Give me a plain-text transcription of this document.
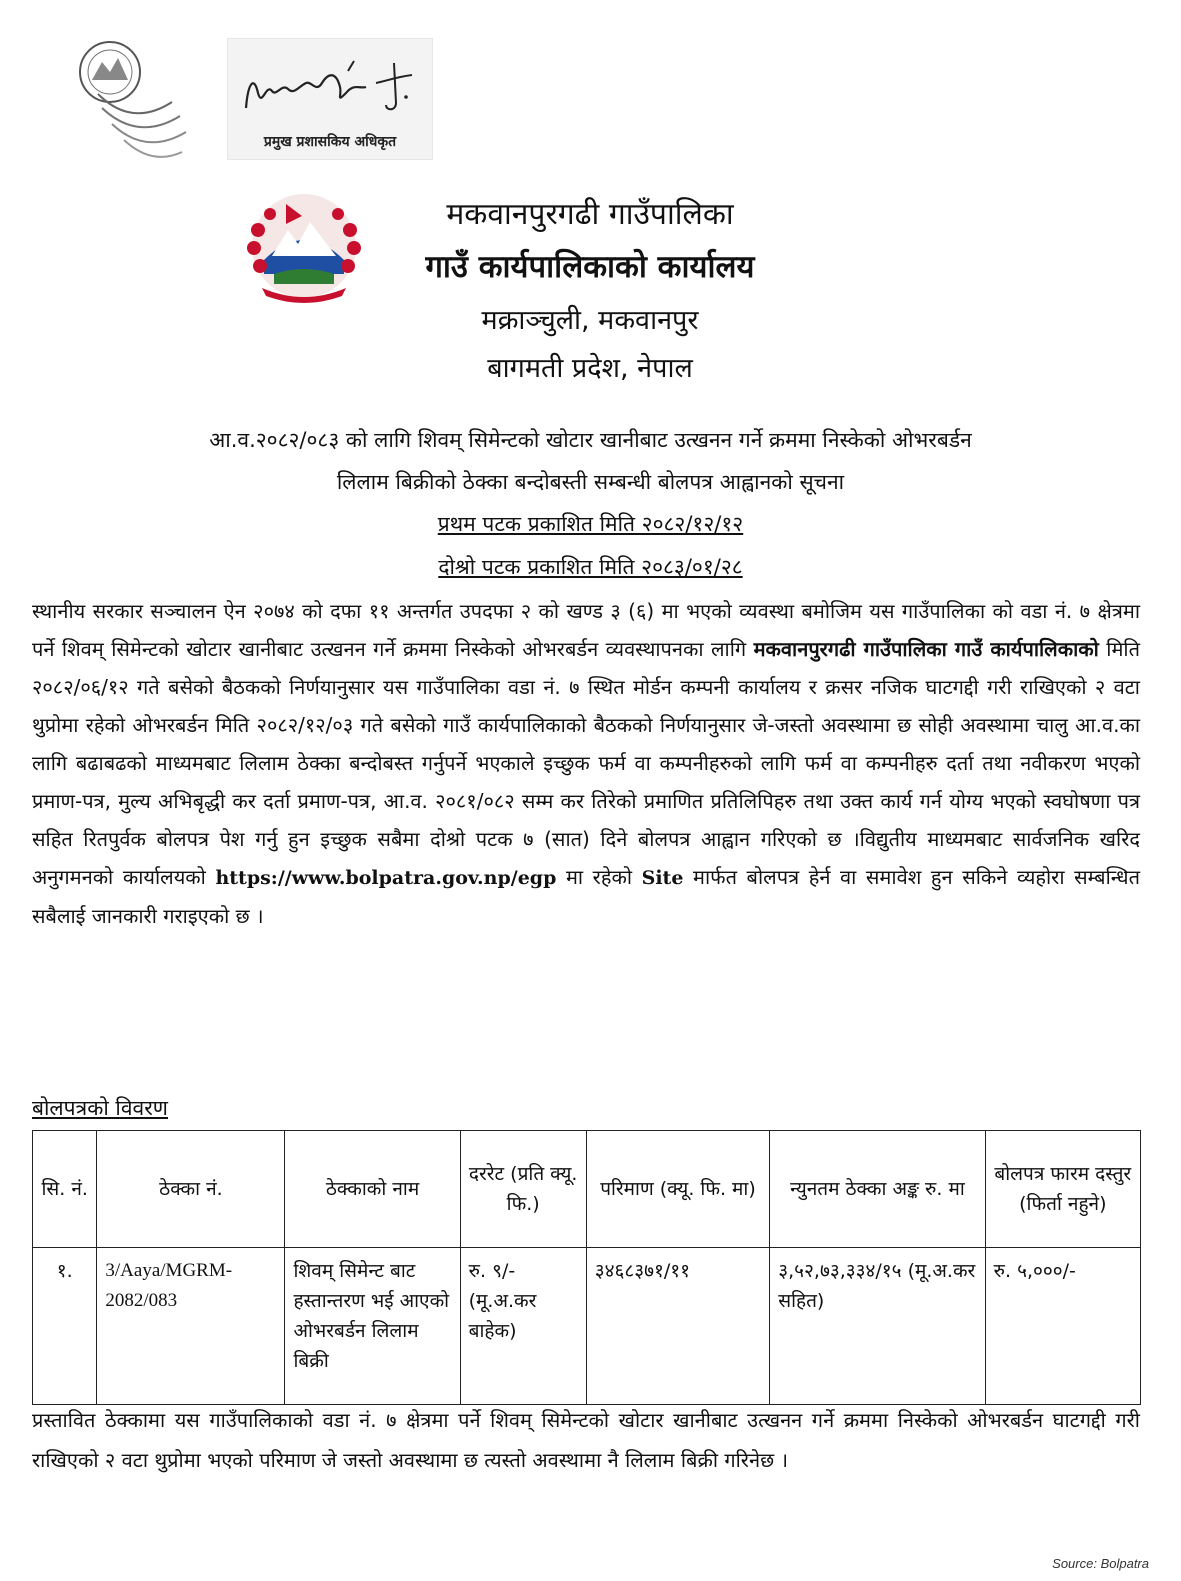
प्रमुख प्रशासकिय अधिकृत
मकवानपुरगढी गाउँपालिका
गाउँ कार्यपालिकाको कार्यालय
मक्राञ्चुली, मकवानपुर
बागमती प्रदेश, नेपाल
आ.व.२०८२/०८३ को लागि शिवम् सिमेन्टको खोटार खानीबाट उत्खनन गर्ने क्रममा निस्केको ओभरबर्डन
लिलाम बिक्रीको ठेक्का बन्दोबस्ती सम्बन्धी बोलपत्र आह्वानको सूचना
प्रथम पटक प्रकाशित मिति २०८२/१२/१२
दोश्रो पटक प्रकाशित मिति २०८३/०१/२८
स्थानीय सरकार सञ्चालन ऐन २०७४ को दफा ११ अन्तर्गत उपदफा २ को खण्ड ३ (६) मा भएको व्यवस्था बमोजिम यस गाउँपालिका को वडा नं. ७ क्षेत्रमा पर्ने शिवम् सिमेन्टको खोटार खानीबाट उत्खनन गर्ने क्रममा निस्केको ओभरबर्डन व्यवस्थापनका लागि मकवानपुरगढी गाउँपालिका गाउँ कार्यपालिकाको मिति २०८२/०६/१२ गते बसेको बैठकको निर्णयानुसार यस गाउँपालिका वडा नं. ७ स्थित मोर्डन कम्पनी कार्यालय र क्रसर नजिक घाटगद्दी गरी राखिएको २ वटा थुप्रोमा रहेको ओभरबर्डन मिति २०८२/१२/०३ गते बसेको गाउँ कार्यपालिकाको बैठकको निर्णयानुसार जे-जस्तो अवस्थामा छ सोही अवस्थामा चालु आ.व.का लागि बढाबढको माध्यमबाट लिलाम ठेक्का बन्दोबस्त गर्नुपर्ने भएकाले इच्छुक फर्म वा कम्पनीहरुको लागि फर्म वा कम्पनीहरु दर्ता तथा नवीकरण भएको प्रमाण-पत्र, मुल्य अभिबृद्धी कर दर्ता प्रमाण-पत्र, आ.व. २०८१/०८२ सम्म कर तिरेको प्रमाणित प्रतिलिपिहरु तथा उक्त कार्य गर्न योग्य भएको स्वघोषणा पत्र सहित रितपुर्वक बोलपत्र पेश गर्नु हुन इच्छुक सबैमा दोश्रो पटक ७ (सात) दिने बोलपत्र आह्वान गरिएको छ ।विद्युतीय माध्यमबाट सार्वजनिक खरिद अनुगमनको कार्यालयको https://www.bolpatra.gov.np/egp मा रहेको Site मार्फत बोलपत्र हेर्न वा समावेश हुन सकिने व्यहोरा सम्बन्धित सबैलाई जानकारी गराइएको छ ।
बोलपत्रको विवरण
सि. नं.	ठेक्का नं.	ठेक्काको नाम	दररेट (प्रति क्यू. फि.)	परिमाण (क्यू. फि. मा)	न्युनतम ठेक्का अङ्क रु. मा	बोलपत्र फारम दस्तुर (फिर्ता नहुने)
१.	3/Aaya/MGRM-2082/083	शिवम् सिमेन्ट बाट हस्तान्तरण भई आएको ओभरबर्डन लिलाम बिक्री	रु. ९/- (मू.अ.कर बाहेक)	३४६८३७१/११	३,५२,७३,३३४/१५ (मू.अ.कर सहित)	रु. ५,०००/-
प्रस्तावित ठेक्कामा यस गाउँपालिकाको वडा नं. ७ क्षेत्रमा पर्ने शिवम् सिमेन्टको खोटार खानीबाट उत्खनन गर्ने क्रममा निस्केको ओभरबर्डन घाटगद्दी गरी राखिएको २ वटा थुप्रोमा भएको परिमाण जे जस्तो अवस्थामा छ त्यस्तो अवस्थामा नै लिलाम बिक्री गरिनेछ ।
Source: Bolpatra
